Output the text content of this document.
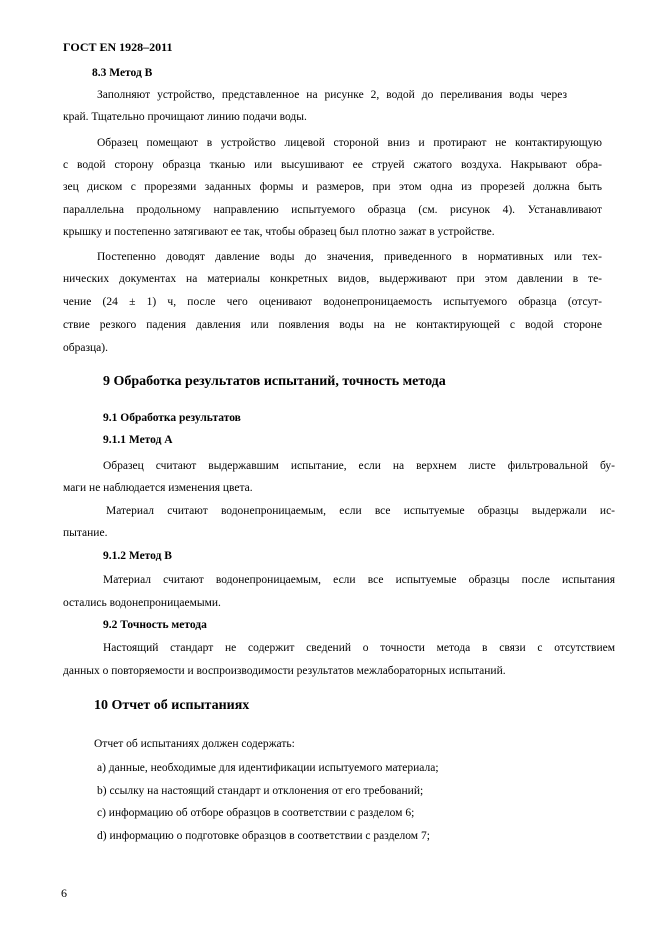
ГОСТ EN 1928–2011
8.3 Метод В
Заполняют устройство, представленное на рисунке 2, водой до переливания воды через
край. Тщательно прочищают линию подачи воды.
Образец помещают в устройство лицевой стороной вниз и протирают не контактирующую
с водой сторону образца тканью или высушивают ее струей сжатого воздуха. Накрывают обра-
зец диском с прорезями заданных формы и размеров, при этом одна из прорезей должна быть
параллельна продольному направлению испытуемого образца (см. рисунок 4). Устанавливают
крышку и постепенно затягивают ее так, чтобы образец был плотно зажат в устройстве.
Постепенно доводят давление воды до значения, приведенного в нормативных или тех-
нических документах на материалы конкретных видов, выдерживают при этом давлении в те-
чение (24 ± 1) ч, после чего оценивают водонепроницаемость испытуемого образца (отсут-
ствие резкого падения давления или появления воды на не контактирующей с водой стороне
образца).
9 Обработка результатов испытаний, точность метода
9.1 Обработка результатов
9.1.1 Метод А
Образец считают выдержавшим испытание, если на верхнем листе фильтровальной бу-
маги не наблюдается изменения цвета.
Материал считают водонепроницаемым, если все испытуемые образцы выдержали ис-
пытание.
9.1.2 Метод В
Материал считают водонепроницаемым, если все испытуемые образцы после испытания
остались водонепроницаемыми.
9.2 Точность метода
Настоящий стандарт не содержит сведений о точности метода в связи с отсутствием
данных о повторяемости и воспроизводимости результатов межлабораторных испытаний.
10 Отчет об испытаниях
Отчет об испытаниях должен содержать:
a) данные, необходимые для идентификации испытуемого материала;
b) ссылку на настоящий стандарт и отклонения от его требований;
c) информацию об отборе образцов в соответствии с разделом 6;
d) информацию о подготовке образцов в соответствии с разделом 7;
6
